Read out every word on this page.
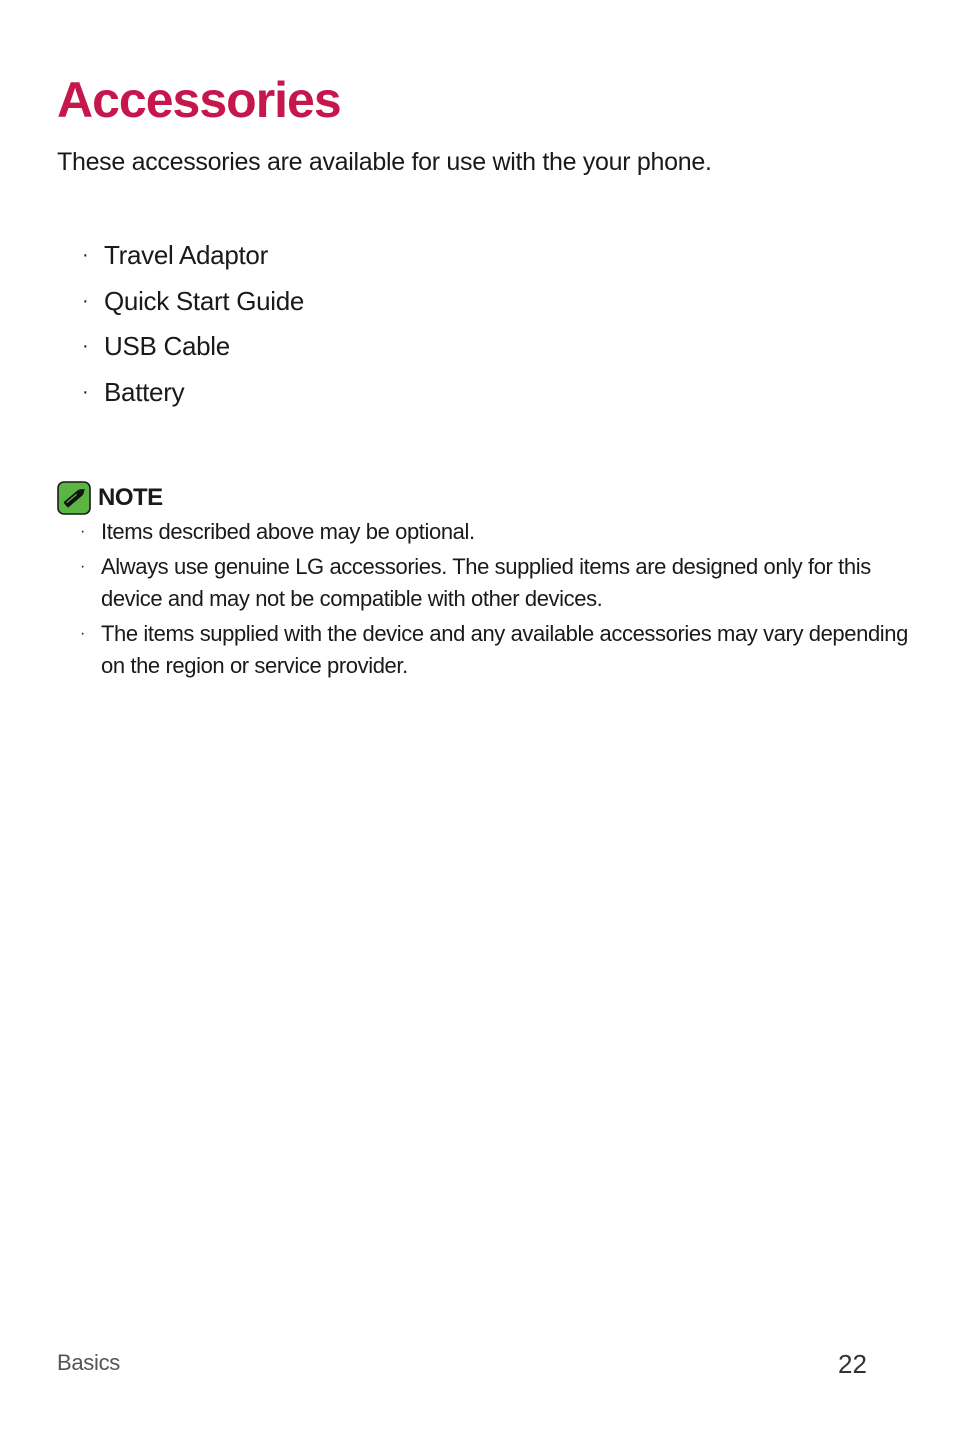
Accessories

These accessories are available for use with the your phone.

· Travel Adaptor
· Quick Start Guide
· USB Cable
· Battery
NOTE
· Items described above may be optional.
· Always use genuine LG accessories. The supplied items are designed only for this device and may not be compatible with other devices.
· The items supplied with the device and any available accessories may vary depending on the region or service provider.
Basics	22
